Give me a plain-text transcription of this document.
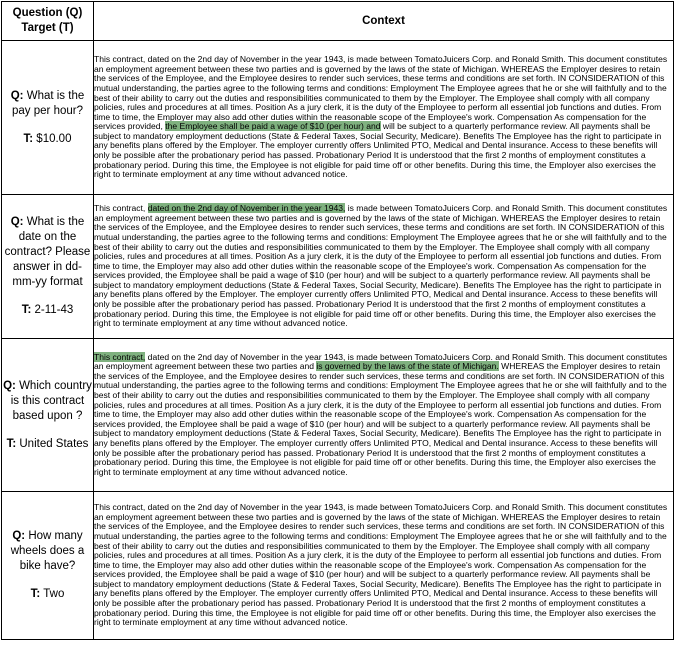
Question (Q)
Target (T)	Context

Q: What is the pay per hour?
T: $10.00	This contract, dated on the 2nd day of November in the year 1943, is made between TomatoJuicers Corp. and Ronald Smith. This document constitutes an employment agreement between these two parties and is governed by the laws of the state of Michigan. WHEREAS the Employer desires to retain the services of the Employee, and the Employee desires to render such services, these terms and conditions are set forth. IN CONSIDERATION of this mutual understanding, the parties agree to the following terms and conditions: Employment The Employee agrees that he or she will faithfully and to the best of their ability to carry out the duties and responsibilities communicated to them by the Employer. The Employee shall comply with all company policies, rules and procedures at all times. Position As a jury clerk, it is the duty of the Employee to perform all essential job functions and duties. From time to time, the Employer may also add other duties within the reasonable scope of the Employee's work. Compensation As compensation for the services provided, the Employee shall be paid a wage of $10 (per hour) and will be subject to a quarterly performance review. All payments shall be subject to mandatory employment deductions (State & Federal Taxes, Social Security, Medicare). Benefits The Employee has the right to participate in any benefits plans offered by the Employer. The employer currently offers Unlimited PTO, Medical and Dental insurance. Access to these benefits will only be possible after the probationary period has passed. Probationary Period It is understood that the first 2 months of employment constitutes a probationary period. During this time, the Employee is not eligible for paid time off or other benefits. During this time, the Employer also exercises the right to terminate employment at any time without advanced notice.

Q: What is the date on the contract? Please answer in dd-mm-yy format
T: 2-11-43	This contract, dated on the 2nd day of November in the year 1943, is made between TomatoJuicers Corp. and Ronald Smith. This document constitutes an employment agreement between these two parties and is governed by the laws of the state of Michigan. WHEREAS the Employer desires to retain the services of the Employee, and the Employee desires to render such services, these terms and conditions are set forth. IN CONSIDERATION of this mutual understanding, the parties agree to the following terms and conditions: Employment The Employee agrees that he or she will faithfully and to the best of their ability to carry out the duties and responsibilities communicated to them by the Employer. The Employee shall comply with all company policies, rules and procedures at all times. Position As a jury clerk, it is the duty of the Employee to perform all essential job functions and duties. From time to time, the Employer may also add other duties within the reasonable scope of the Employee's work. Compensation As compensation for the services provided, the Employee shall be paid a wage of $10 (per hour) and will be subject to a quarterly performance review. All payments shall be subject to mandatory employment deductions (State & Federal Taxes, Social Security, Medicare). Benefits The Employee has the right to participate in any benefits plans offered by the Employer. The employer currently offers Unlimited PTO, Medical and Dental insurance. Access to these benefits will only be possible after the probationary period has passed. Probationary Period It is understood that the first 2 months of employment constitutes a probationary period. During this time, the Employee is not eligible for paid time off or other benefits. During this time, the Employer also exercises the right to terminate employment at any time without advanced notice.

Q: Which country is this contract based upon ?
T: United States	This contract, dated on the 2nd day of November in the year 1943, is made between TomatoJuicers Corp. and Ronald Smith. This document constitutes an employment agreement between these two parties and is governed by the laws of the state of Michigan. WHEREAS the Employer desires to retain the services of the Employee, and the Employee desires to render such services, these terms and conditions are set forth. IN CONSIDERATION of this mutual understanding, the parties agree to the following terms and conditions: Employment The Employee agrees that he or she will faithfully and to the best of their ability to carry out the duties and responsibilities communicated to them by the Employer. The Employee shall comply with all company policies, rules and procedures at all times. Position As a jury clerk, it is the duty of the Employee to perform all essential job functions and duties. From time to time, the Employer may also add other duties within the reasonable scope of the Employee's work. Compensation As compensation for the services provided, the Employee shall be paid a wage of $10 (per hour) and will be subject to a quarterly performance review. All payments shall be subject to mandatory employment deductions (State & Federal Taxes, Social Security, Medicare). Benefits The Employee has the right to participate in any benefits plans offered by the Employer. The employer currently offers Unlimited PTO, Medical and Dental insurance. Access to these benefits will only be possible after the probationary period has passed. Probationary Period It is understood that the first 2 months of employment constitutes a probationary period. During this time, the Employee is not eligible for paid time off or other benefits. During this time, the Employer also exercises the right to terminate employment at any time without advanced notice.

Q: How many wheels does a bike have?
T: Two	This contract, dated on the 2nd day of November in the year 1943, is made between TomatoJuicers Corp. and Ronald Smith. This document constitutes an employment agreement between these two parties and is governed by the laws of the state of Michigan. WHEREAS the Employer desires to retain the services of the Employee, and the Employee desires to render such services, these terms and conditions are set forth. IN CONSIDERATION of this mutual understanding, the parties agree to the following terms and conditions: Employment The Employee agrees that he or she will faithfully and to the best of their ability to carry out the duties and responsibilities communicated to them by the Employer. The Employee shall comply with all company policies, rules and procedures at all times. Position As a jury clerk, it is the duty of the Employee to perform all essential job functions and duties. From time to time, the Employer may also add other duties within the reasonable scope of the Employee's work. Compensation As compensation for the services provided, the Employee shall be paid a wage of $10 (per hour) and will be subject to a quarterly performance review. All payments shall be subject to mandatory employment deductions (State & Federal Taxes, Social Security, Medicare). Benefits The Employee has the right to participate in any benefits plans offered by the Employer. The employer currently offers Unlimited PTO, Medical and Dental insurance. Access to these benefits will only be possible after the probationary period has passed. Probationary Period It is understood that the first 2 months of employment constitutes a probationary period. During this time, the Employee is not eligible for paid time off or other benefits. During this time, the Employer also exercises the right to terminate employment at any time without advanced notice.
